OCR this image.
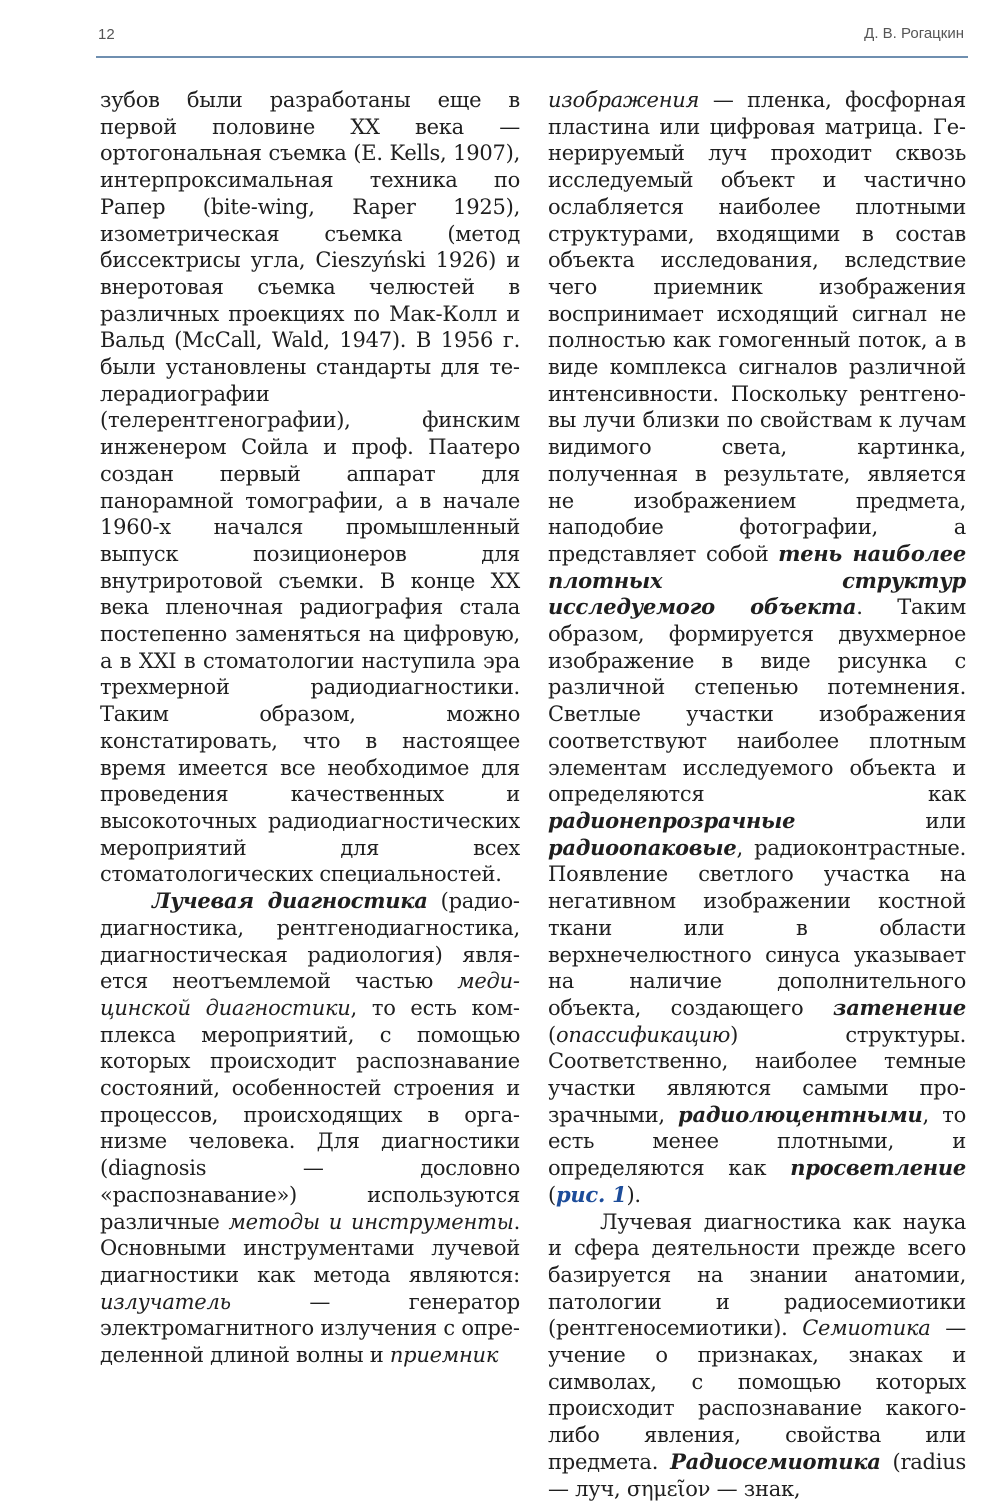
12	Д. В. Рогацкин

зубов были разработаны еще в первой половине XX века — ортогональная съемка (E. Kells, 1907), интерпроксимальная техника по Рапер (bite-wing, Raper 1925), изометрическая съемка (метод биссектрисы угла, Cieszyński 1926) и внеротовая съемка челюстей в различных проекциях по Мак-Колл и Вальд (McCall, Wald, 1947). В 1956 г. были установлены стандарты для телерадиографии (телерентгенографии), финским инженером Сойла и проф. Паатеро создан первый аппарат для панорамной томографии, а в начале 1960-х начался промышленный выпуск позиционеров для внутриротовой съемки. В конце XX века пленочная радиография стала постепенно заменяться на цифровую, а в XXI в стоматологии наступила эра трехмерной радиодиагностики. Таким образом, можно констатировать, что в настоящее время имеется все необходимое для проведения качественных и высокоточных радиодиагностических мероприятий для всех стоматологических специальностей.

Лучевая диагностика (радиодиагностика, рентгенодиагностика, диагностическая радиология) является неотъемлемой частью медицинской диагностики, то есть комплекса мероприятий, с помощью которых происходит распознавание состояний, особенностей строения и процессов, происходящих в организме человека. Для диагностики (diagnosis — дословно «распознавание») используются различные методы и инструменты. Основными инструментами лучевой диагностики как метода являются: излучатель — генератор электромагнитного излучения с определенной длиной волны и приемник

изображения — пленка, фосфорная пластина или цифровая матрица. Генерируемый луч проходит сквозь исследуемый объект и частично ослабляется наиболее плотными структурами, входящими в состав объекта исследования, вследствие чего приемник изображения воспринимает исходящий сигнал не полностью как гомогенный поток, а в виде комплекса сигналов различной интенсивности. Поскольку рентгеновы лучи близки по свойствам к лучам видимого света, картинка, полученная в результате, является не изображением предмета, наподобие фотографии, а представляет собой тень наиболее плотных структур исследуемого объекта. Таким образом, формируется двухмерное изображение в виде рисунка с различной степенью потемнения. Светлые участки изображения соответствуют наиболее плотным элементам исследуемого объекта и определяются как радионепрозрачные или радиоопаковые, радиоконтрастные. Появление светлого участка на негативном изображении костной ткани или в области верхнечелюстного синуса указывает на наличие дополнительного объекта, создающего затенение (опассификацию) структуры. Соответственно, наиболее темные участки являются самыми прозрачными, радиолюцентными, то есть менее плотными, и определяются как просветление (рис. 1).

Лучевая диагностика как наука и сфера деятельности прежде всего базируется на знании анатомии, патологии и радиосемиотики (рентгеносемиотики). Семиотика — учение о признаках, знаках и символах, с помощью которых происходит распознавание какого-либо явления, свойства или предмета. Радиосемиотика (radius — луч, σημεῖον — знак,
